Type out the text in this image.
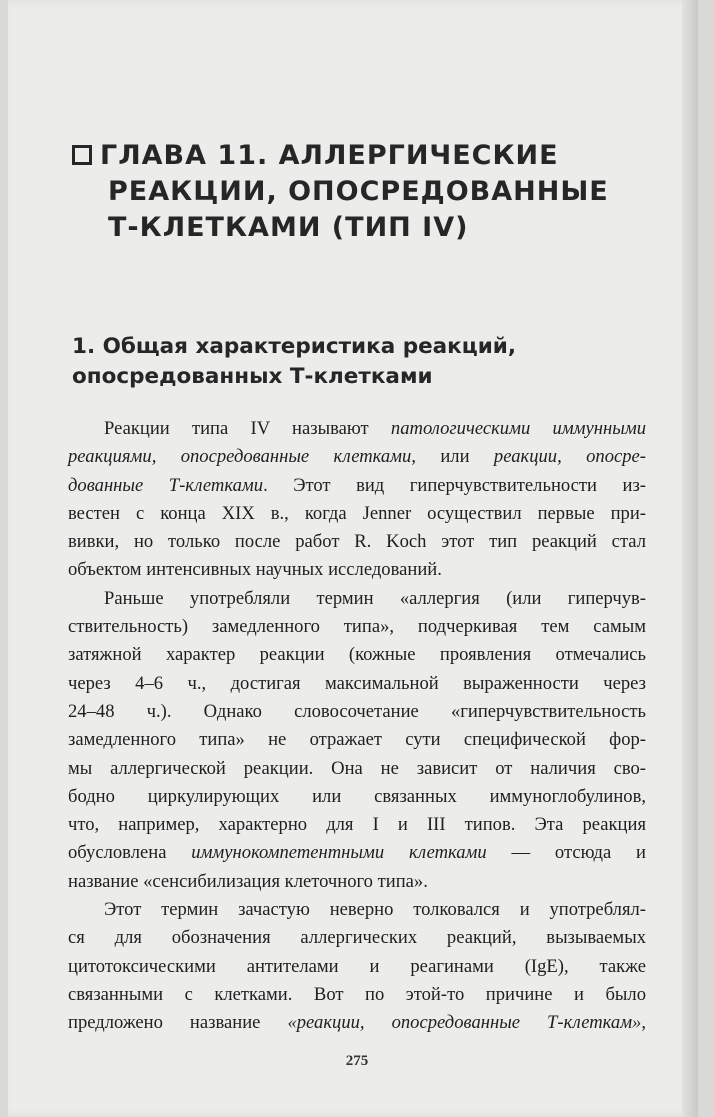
ГЛАВА 11. АЛЛЕРГИЧЕСКИЕ
РЕАКЦИИ, ОПОСРЕДОВАННЫЕ
Т-КЛЕТКАМИ (ТИП IV)
1. Общая характеристика реакций,
опосредованных Т-клетками
Реакции типа IV называют патологическими иммунными
реакциями, опосредованные клетками, или реакции, опосре-
дованные Т-клетками. Этот вид гиперчувствительности из-
вестен с конца XIX в., когда Jenner осуществил первые при-
вивки, но только после работ R. Koch этот тип реакций стал
объектом интенсивных научных исследований.
Раньше употребляли термин «аллергия (или гиперчув-
ствительность) замедленного типа», подчеркивая тем самым
затяжной характер реакции (кожные проявления отмечались
через 4–6 ч., достигая максимальной выраженности через
24–48 ч.). Однако словосочетание «гиперчувствительность
замедленного типа» не отражает сути специфической фор-
мы аллергической реакции. Она не зависит от наличия сво-
бодно циркулирующих или связанных иммуноглобулинов,
что, например, характерно для I и III типов. Эта реакция
обусловлена иммунокомпетентными клетками — отсюда и
название «сенсибилизация клеточного типа».
Этот термин зачастую неверно толковался и употреблял-
ся для обозначения аллергических реакций, вызываемых
цитотоксическими антителами и реагинами (IgE), также
связанными с клетками. Вот по этой-то причине и было
предложено название «реакции, опосредованные Т-клеткам»,
275
